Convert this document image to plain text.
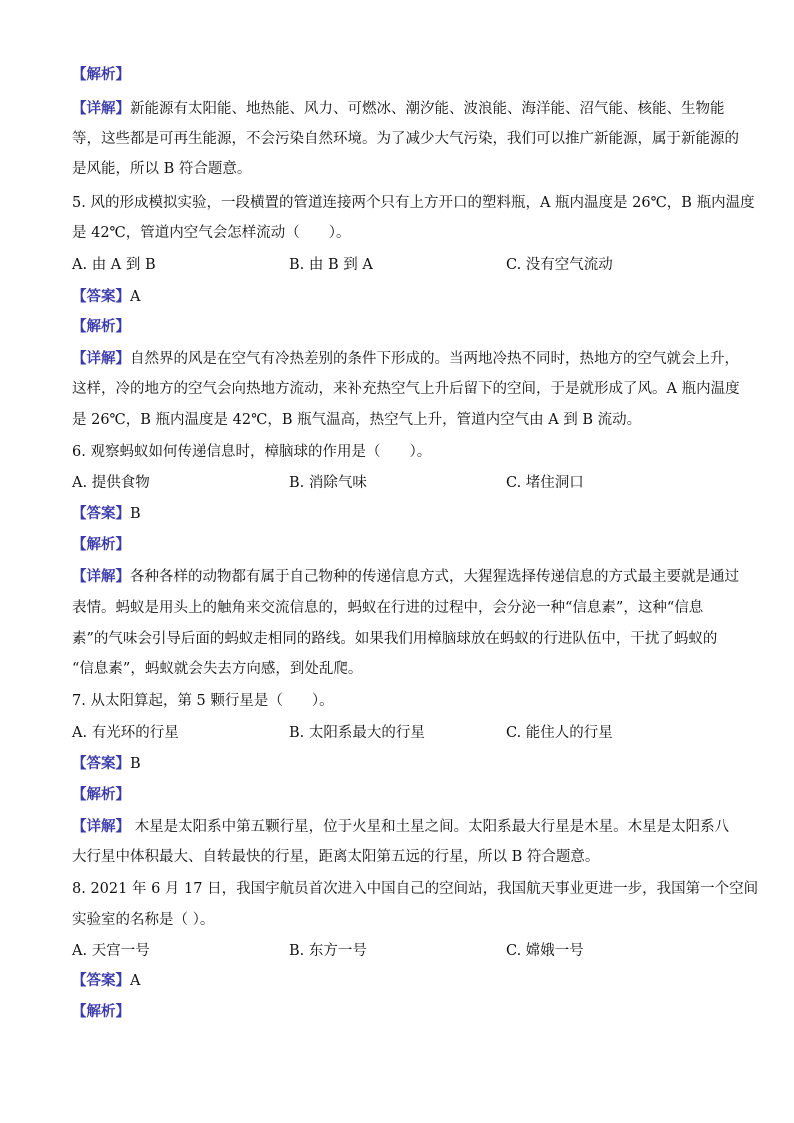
【解析】
【详解】新能源有太阳能、地热能、风力、可燃冰、潮汐能、波浪能、海洋能、沼气能、核能、生物能
等，这些都是可再生能源，不会污染自然环境。为了减少大气污染，我们可以推广新能源，属于新能源的
是风能，所以 B 符合题意。
5. 风的形成模拟实验，一段横置的管道连接两个只有上方开口的塑料瓶，A 瓶内温度是 26℃，B 瓶内温度
是 42℃，管道内空气会怎样流动（　　）。
A. 由 A 到 B	B. 由 B 到 A	C. 没有空气流动
【答案】A
【解析】
【详解】自然界的风是在空气有冷热差别的条件下形成的。当两地冷热不同时，热地方的空气就会上升，
这样，冷的地方的空气会向热地方流动，来补充热空气上升后留下的空间，于是就形成了风。A 瓶内温度
是 26℃，B 瓶内温度是 42℃，B 瓶气温高，热空气上升，管道内空气由 A 到 B 流动。
6. 观察蚂蚁如何传递信息时，樟脑球的作用是（　　）。
A. 提供食物	B. 消除气味	C. 堵住洞口
【答案】B
【解析】
【详解】各种各样的动物都有属于自己物种的传递信息方式，大猩猩选择传递信息的方式最主要就是通过
表情。蚂蚁是用头上的触角来交流信息的，蚂蚁在行进的过程中，会分泌一种“信息素”，这种“信息
素”的气味会引导后面的蚂蚁走相同的路线。如果我们用樟脑球放在蚂蚁的行进队伍中，干扰了蚂蚁的
“信息素”，蚂蚁就会失去方向感，到处乱爬。
7. 从太阳算起，第 5 颗行星是（　　）。
A. 有光环的行星	B. 太阳系最大的行星	C. 能住人的行星
【答案】B
【解析】
【详解】 木星是太阳系中第五颗行星，位于火星和土星之间。太阳系最大行星是木星。木星是太阳系八
大行星中体积最大、自转最快的行星，距离太阳第五远的行星，所以 B 符合题意。
8. 2021 年 6 月 17 日，我国宇航员首次进入中国自己的空间站，我国航天事业更进一步，我国第一个空间
实验室的名称是（ ）。
A. 天宫一号	B. 东方一号	C. 嫦娥一号
【答案】A
【解析】
